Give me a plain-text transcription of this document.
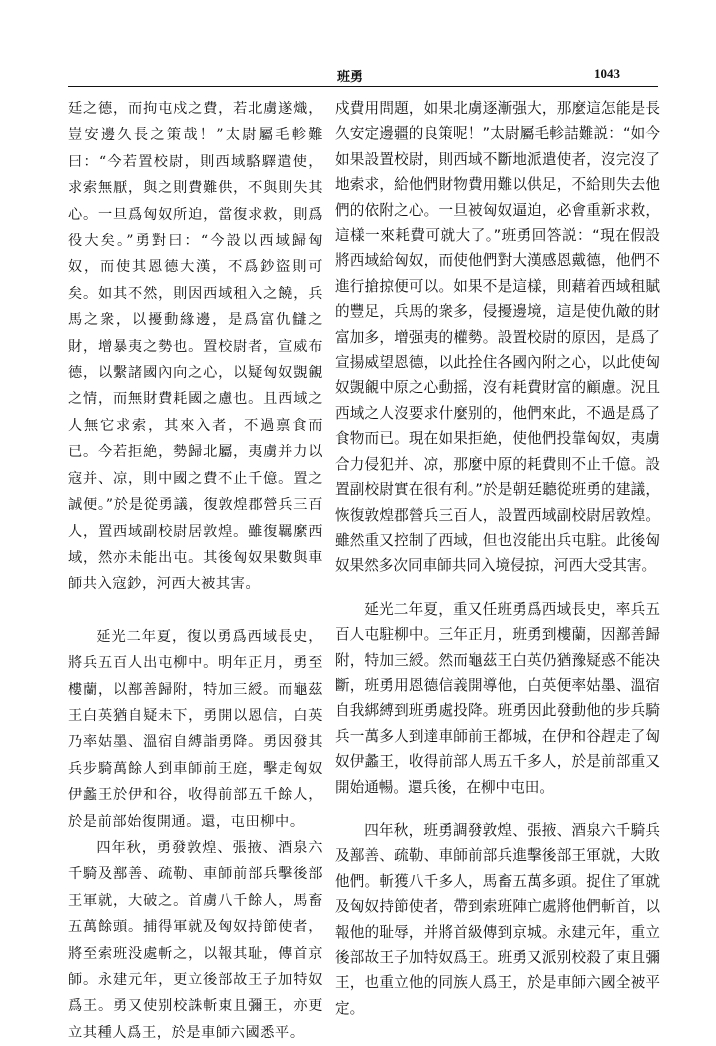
班勇	1043

廷之德，而拘屯戍之費，若北虜遂熾，豈安邊久長之策哉！”太尉屬毛軫難曰：“今若置校尉，則西域駱驛遣使，求索無厭，與之則費難供，不與則失其心。一旦爲匈奴所迫，當復求救，則爲役大矣。”勇對曰：“今設以西域歸匈奴，而使其恩德大漢，不爲鈔盜則可矣。如其不然，則因西域租入之饒，兵馬之衆，以擾動緣邊，是爲富仇讎之財，增暴夷之勢也。置校尉者，宣威布德，以繫諸國內向之心，以疑匈奴覬覦之情，而無財費耗國之慮也。且西域之人無它求索，其來入者，不過禀食而已。今若拒絶，勢歸北屬，夷虜并力以寇并、凉，則中國之費不止千億。置之誠便。”於是從勇議，復敦煌郡營兵三百人，置西域副校尉居敦煌。雖復羈縻西域，然亦未能出屯。其後匈奴果數與車師共入寇鈔，河西大被其害。

延光二年夏，復以勇爲西域長史，將兵五百人出屯柳中。明年正月，勇至樓蘭，以鄯善歸附，特加三綬。而龜茲王白英猶自疑未下，勇開以恩信，白英乃率姑墨、溫宿自縛詣勇降。勇因發其兵步騎萬餘人到車師前王庭，擊走匈奴伊蠡王於伊和谷，收得前部五千餘人，於是前部始復開通。還，屯田柳中。

四年秋，勇發敦煌、張掖、酒泉六千騎及鄯善、疏勒、車師前部兵擊後部王軍就，大破之。首虜八千餘人，馬畜五萬餘頭。捕得軍就及匈奴持節使者，將至索班没處斬之，以報其耻，傳首京師。永建元年，更立後部故王子加特奴爲王。勇又使别校誅斬東且彌王，亦更立其種人爲王，於是車師六國悉平。

戍費用問題，如果北虜逐漸强大，那麼這怎能是長久安定邊疆的良策呢！”太尉屬毛軫詰難説：“如今如果設置校尉，則西域不斷地派遣使者，沒完沒了地索求，給他們財物費用難以供足，不給則失去他們的依附之心。一旦被匈奴逼迫，必會重新求救，這樣一來耗費可就大了。”班勇回答説：“現在假設將西域給匈奴，而使他們對大漢感恩戴德，他們不進行搶掠便可以。如果不是這樣，則藉着西域租賦的豐足，兵馬的衆多，侵擾邊境，這是使仇敵的財富加多，增强夷的權勢。設置校尉的原因，是爲了宣揚威望恩德，以此拴住各國內附之心，以此使匈奴覬覦中原之心動摇，沒有耗費財富的顧慮。況且西域之人沒要求什麼别的，他們來此，不過是爲了食物而已。現在如果拒絶，使他們投靠匈奴，夷虜合力侵犯并、凉，那麼中原的耗費則不止千億。設置副校尉實在很有利。”於是朝廷聽從班勇的建議，恢復敦煌郡營兵三百人，設置西域副校尉居敦煌。雖然重又控制了西域，但也沒能出兵屯駐。此後匈奴果然多次同車師共同入境侵掠，河西大受其害。

延光二年夏，重又任班勇爲西域長史，率兵五百人屯駐柳中。三年正月，班勇到樓蘭，因鄯善歸附，特加三綬。然而龜茲王白英仍猶豫疑惑不能决斷，班勇用恩德信義開導他，白英便率姑墨、溫宿自我綁縛到班勇處投降。班勇因此發動他的步兵騎兵一萬多人到達車師前王都城，在伊和谷趕走了匈奴伊蠡王，收得前部人馬五千多人，於是前部重又開始通暢。還兵後，在柳中屯田。

四年秋，班勇調發敦煌、張掖、酒泉六千騎兵及鄯善、疏勒、車師前部兵進擊後部王軍就，大敗他們。斬獲八千多人，馬畜五萬多頭。捉住了軍就及匈奴持節使者，帶到索班陣亡處將他們斬首，以報他的耻辱，并將首級傳到京城。永建元年，重立後部故王子加特奴爲王。班勇又派别校殺了東且彌王，也重立他的同族人爲王，於是車師六國全被平定。
